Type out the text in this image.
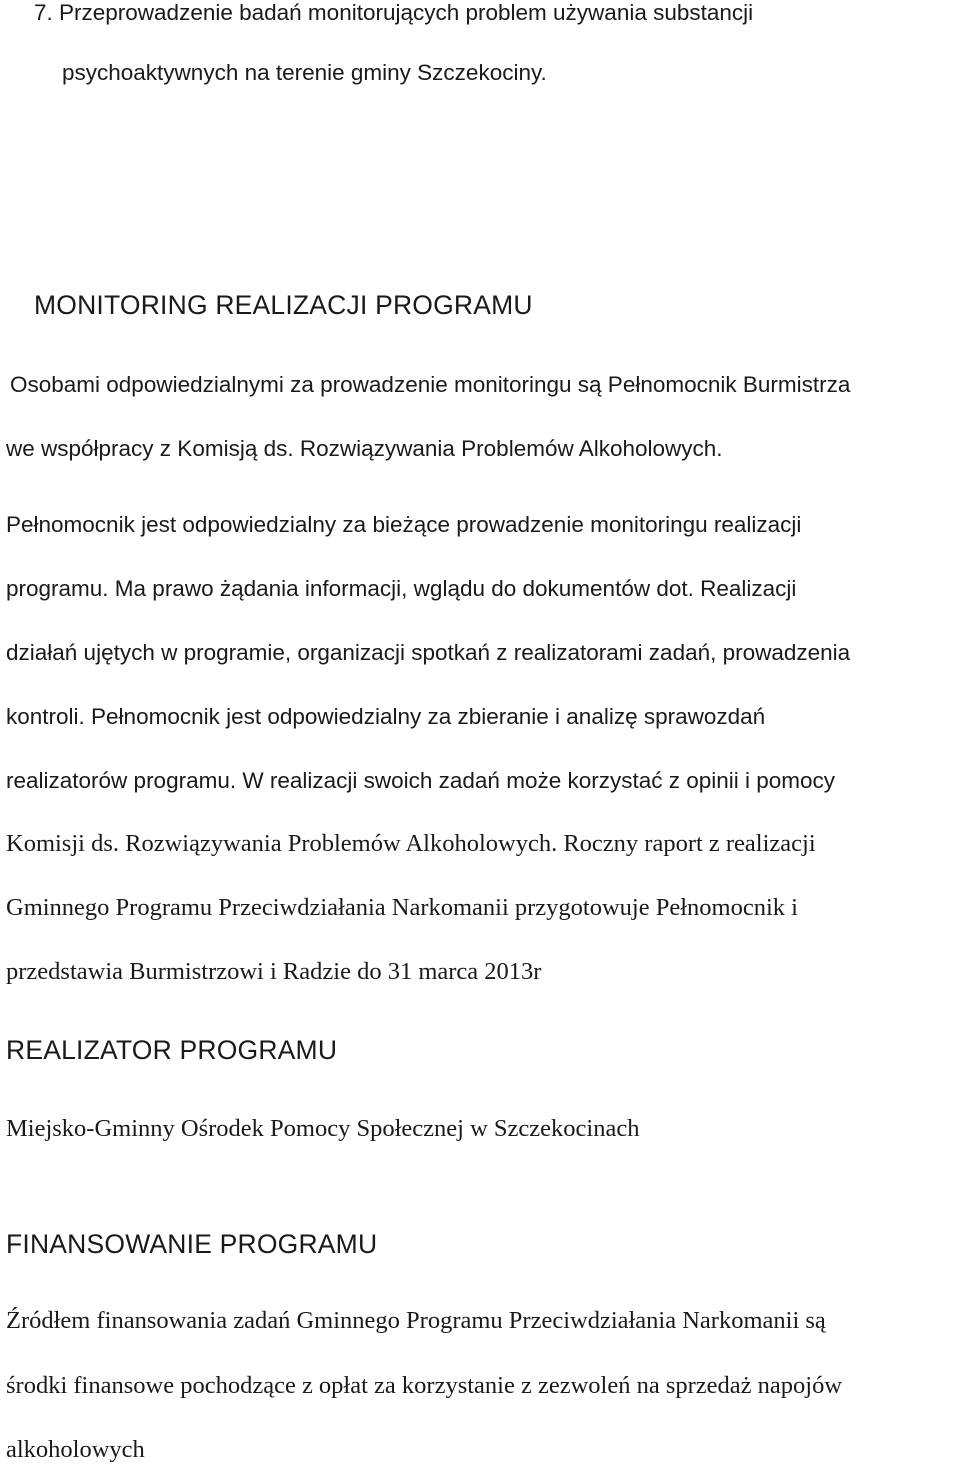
7. Przeprowadzenie badań monitorujących problem używania substancji
psychoaktywnych na terenie gminy Szczekociny.
MONITORING REALIZACJI PROGRAMU
Osobami odpowiedzialnymi za prowadzenie monitoringu są Pełnomocnik Burmistrza
we współpracy z Komisją ds. Rozwiązywania Problemów Alkoholowych.
Pełnomocnik jest odpowiedzialny za bieżące prowadzenie monitoringu realizacji
programu. Ma prawo żądania informacji, wglądu do dokumentów dot. Realizacji
działań ujętych w programie, organizacji spotkań z realizatorami zadań, prowadzenia
kontroli. Pełnomocnik jest odpowiedzialny za zbieranie i analizę sprawozdań
realizatorów programu. W realizacji swoich zadań może korzystać z opinii i pomocy
Komisji ds. Rozwiązywania Problemów Alkoholowych. Roczny raport z realizacji
Gminnego Programu Przeciwdziałania Narkomanii przygotowuje Pełnomocnik i
przedstawia Burmistrzowi i Radzie do 31 marca 2013r
REALIZATOR PROGRAMU
Miejsko-Gminny Ośrodek Pomocy Społecznej w Szczekocinach
FINANSOWANIE PROGRAMU
Źródłem finansowania zadań Gminnego Programu Przeciwdziałania Narkomanii są
środki finansowe pochodzące z opłat za korzystanie z zezwoleń na sprzedaż napojów
alkoholowych
